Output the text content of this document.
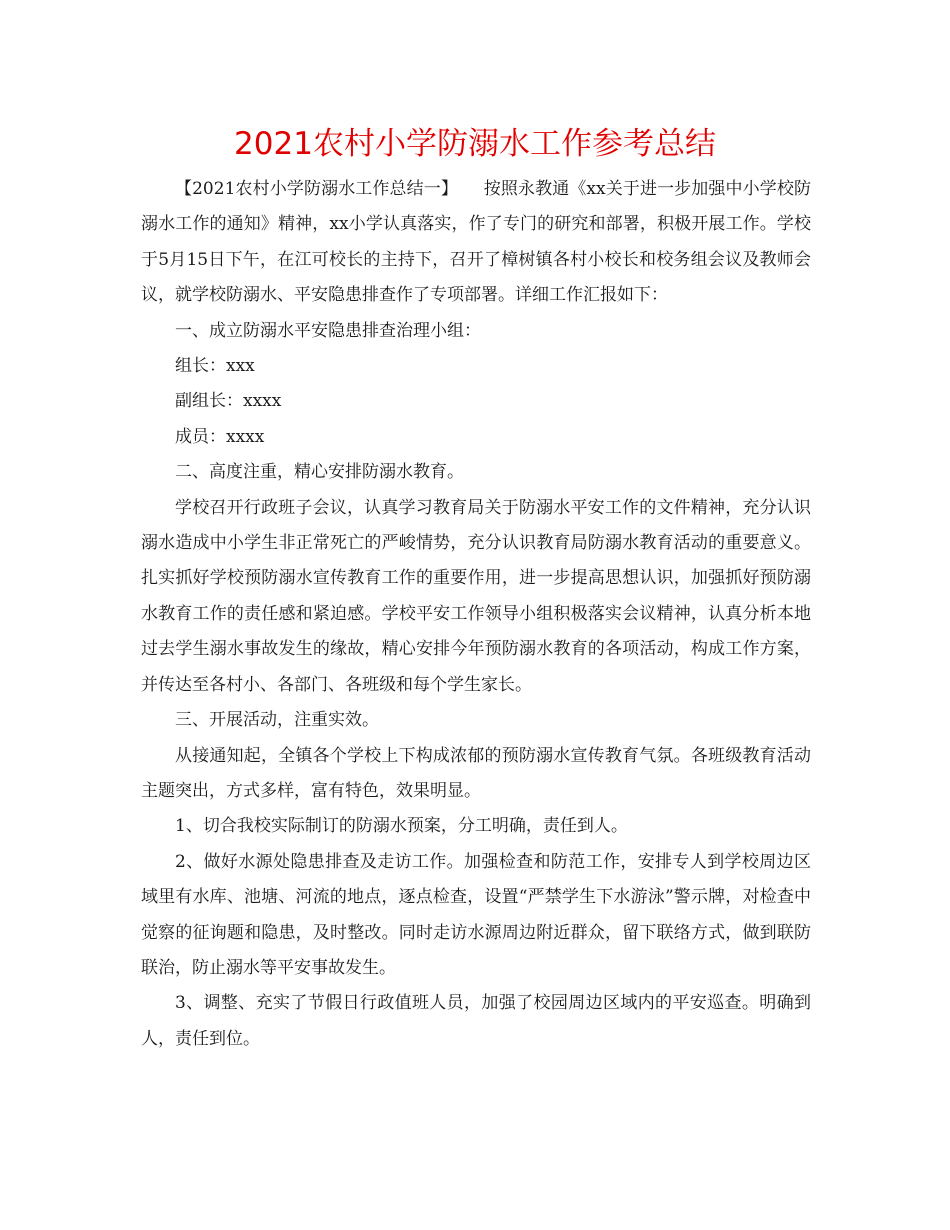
2021农村小学防溺水工作参考总结

【2021农村小学防溺水工作总结一】　　按照永教通《xx关于进一步加强中小学校防溺水工作的通知》精神，xx小学认真落实，作了专门的研究和部署，积极开展工作。学校于5月15日下午，在江可校长的主持下，召开了樟树镇各村小校长和校务组会议及教师会议，就学校防溺水、平安隐患排查作了专项部署。详细工作汇报如下：

一、成立防溺水平安隐患排查治理小组：

组长：xxx

副组长：xxxx

成员：xxxx

二、高度注重，精心安排防溺水教育。

学校召开行政班子会议，认真学习教育局关于防溺水平安工作的文件精神，充分认识溺水造成中小学生非正常死亡的严峻情势，充分认识教育局防溺水教育活动的重要意义。扎实抓好学校预防溺水宣传教育工作的重要作用，进一步提高思想认识，加强抓好预防溺水教育工作的责任感和紧迫感。学校平安工作领导小组积极落实会议精神，认真分析本地过去学生溺水事故发生的缘故，精心安排今年预防溺水教育的各项活动，构成工作方案，并传达至各村小、各部门、各班级和每个学生家长。

三、开展活动，注重实效。

从接通知起，全镇各个学校上下构成浓郁的预防溺水宣传教育气氛。各班级教育活动主题突出，方式多样，富有特色，效果明显。

1、切合我校实际制订的防溺水预案，分工明确，责任到人。

2、做好水源处隐患排查及走访工作。加强检查和防范工作，安排专人到学校周边区域里有水库、池塘、河流的地点，逐点检查，设置“严禁学生下水游泳”警示牌，对检查中觉察的征询题和隐患，及时整改。同时走访水源周边附近群众，留下联络方式，做到联防联治，防止溺水等平安事故发生。

3、调整、充实了节假日行政值班人员，加强了校园周边区域内的平安巡查。明确到人，责任到位。
